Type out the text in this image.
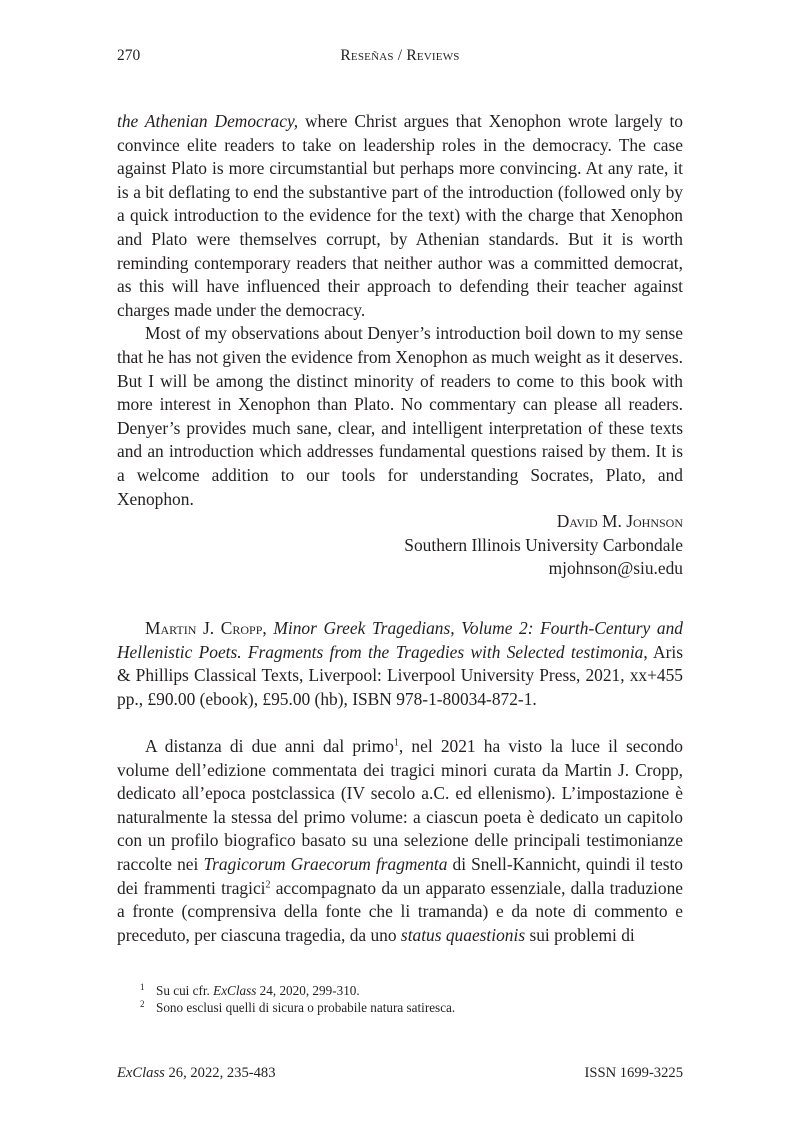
270	Reseñas / Reviews

the Athenian Democracy, where Christ argues that Xenophon wrote largely to convince elite readers to take on leadership roles in the democracy. The case against Plato is more circumstantial but perhaps more convincing. At any rate, it is a bit deflating to end the substantive part of the introduction (followed only by a quick introduction to the evidence for the text) with the charge that Xenophon and Plato were themselves corrupt, by Athenian standards. But it is worth reminding contemporary readers that neither author was a committed democrat, as this will have influenced their approach to defending their teacher against charges made under the democracy.

Most of my observations about Denyer’s introduction boil down to my sense that he has not given the evidence from Xenophon as much weight as it deserves. But I will be among the distinct minority of readers to come to this book with more interest in Xenophon than Plato. No commentary can please all readers. Denyer’s provides much sane, clear, and intelligent interpretation of these texts and an introduction which addresses fundamental questions raised by them. It is a welcome addition to our tools for understanding Socrates, Plato, and Xenophon.

David M. Johnson
Southern Illinois University Carbondale
mjohnson@siu.edu

Martin J. Cropp, Minor Greek Tragedians, Volume 2: Fourth-Century and Hellenistic Poets. Fragments from the Tragedies with Selected testimonia, Aris & Phillips Classical Texts, Liverpool: Liverpool University Press, 2021, xx+455 pp., £90.00 (ebook), £95.00 (hb), ISBN 978-1-80034-872-1.

A distanza di due anni dal primo$^1$, nel 2021 ha visto la luce il secondo volume dell’edizione commentata dei tragici minori curata da Martin J. Cropp, dedicato all’epoca postclassica (IV secolo a.C. ed ellenismo). L’impostazione è naturalmente la stessa del primo volume: a ciascun poeta è dedicato un capitolo con un profilo biografico basato su una selezione delle principali testimonianze raccolte nei Tragicorum Graecorum fragmenta di Snell-Kannicht, quindi il testo dei frammenti tragici$^2$ accompagnato da un apparato essenziale, dalla traduzione a fronte (comprensiva della fonte che li tramanda) e da note di commento e preceduto, per ciascuna tragedia, da uno status quaestionis sui problemi di

1 Su cui cfr. ExClass 24, 2020, 299-310.
2 Sono esclusi quelli di sicura o probabile natura satiresca.
ExClass 26, 2022, 235-483	ISSN 1699-3225
